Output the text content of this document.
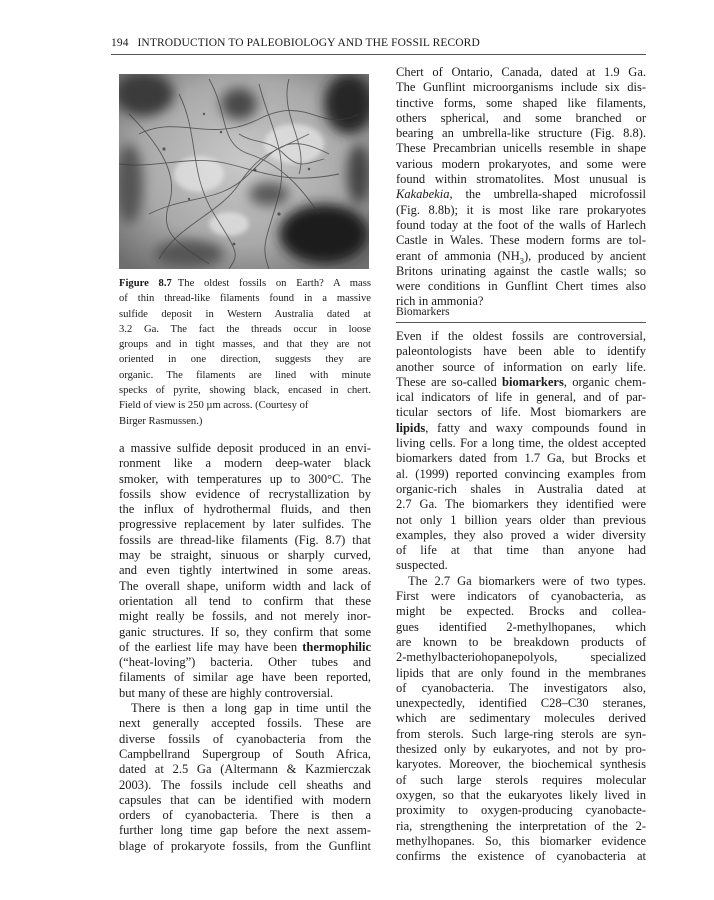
194 INTRODUCTION TO PALEOBIOLOGY AND THE FOSSIL RECORD
Figure 8.7 The oldest fossils on Earth? A mass
of thin thread-like filaments found in a massive
sulfide deposit in Western Australia dated at
3.2 Ga. The fact the threads occur in loose
groups and in tight masses, and that they are not
oriented in one direction, suggests they are
organic. The filaments are lined with minute
specks of pyrite, showing black, encased in chert.
Field of view is 250 µm across. (Courtesy of
Birger Rasmussen.)
a massive sulfide deposit produced in an envi-
ronment like a modern deep-water black
smoker, with temperatures up to 300°C. The
fossils show evidence of recrystallization by
the influx of hydrothermal fluids, and then
progressive replacement by later sulfides. The
fossils are thread-like filaments (Fig. 8.7) that
may be straight, sinuous or sharply curved,
and even tightly intertwined in some areas.
The overall shape, uniform width and lack of
orientation all tend to confirm that these
might really be fossils, and not merely inor-
ganic structures. If so, they confirm that some
of the earliest life may have been thermophilic
(“heat-loving”) bacteria. Other tubes and
filaments of similar age have been reported,
but many of these are highly controversial.
There is then a long gap in time until the
next generally accepted fossils. These are
diverse fossils of cyanobacteria from the
Campbellrand Supergroup of South Africa,
dated at 2.5 Ga (Altermann & Kazmierczak
2003). The fossils include cell sheaths and
capsules that can be identified with modern
orders of cyanobacteria. There is then a
further long time gap before the next assem-
blage of prokaryote fossils, from the Gunflint
Chert of Ontario, Canada, dated at 1.9 Ga.
The Gunflint microorganisms include six dis-
tinctive forms, some shaped like filaments,
others spherical, and some branched or
bearing an umbrella-like structure (Fig. 8.8).
These Precambrian unicells resemble in shape
various modern prokaryotes, and some were
found within stromatolites. Most unusual is
Kakabekia, the umbrella-shaped microfossil
(Fig. 8.8b); it is most like rare prokaryotes
found today at the foot of the walls of Harlech
Castle in Wales. These modern forms are tol-
erant of ammonia $(NH_3)$, produced by ancient
Britons urinating against the castle walls; so
were conditions in Gunflint Chert times also
rich in ammonia?
Biomarkers
Even if the oldest fossils are controversial,
paleontologists have been able to identify
another source of information on early life.
These are so-called biomarkers, organic chem-
ical indicators of life in general, and of par-
ticular sectors of life. Most biomarkers are
lipids, fatty and waxy compounds found in
living cells. For a long time, the oldest accepted
biomarkers dated from 1.7 Ga, but Brocks et
al. (1999) reported convincing examples from
organic-rich shales in Australia dated at
2.7 Ga. The biomarkers they identified were
not only 1 billion years older than previous
examples, they also proved a wider diversity
of life at that time than anyone had
suspected.
The 2.7 Ga biomarkers were of two types.
First were indicators of cyanobacteria, as
might be expected. Brocks and collea-
gues identified 2-methylhopanes, which
are known to be breakdown products of
2-methylbacteriohopanepolyols, specialized
lipids that are only found in the membranes
of cyanobacteria. The investigators also,
unexpectedly, identified C28–C30 steranes,
which are sedimentary molecules derived
from sterols. Such large-ring sterols are syn-
thesized only by eukaryotes, and not by pro-
karyotes. Moreover, the biochemical synthesis
of such large sterols requires molecular
oxygen, so that the eukaryotes likely lived in
proximity to oxygen-producing cyanobacte-
ria, strengthening the interpretation of the 2-
methylhopanes. So, this biomarker evidence
confirms the existence of cyanobacteria at
